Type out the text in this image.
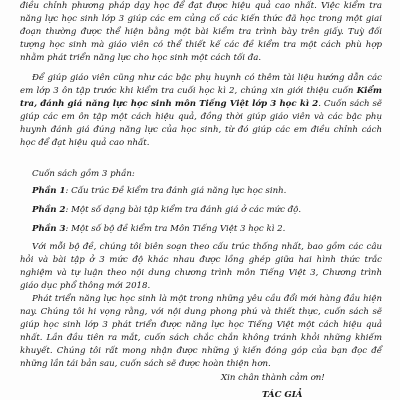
điều chỉnh phương pháp dạy học để đạt được hiệu quả cao nhất. Việc kiểm tra năng lực học sinh lớp 3 giúp các em củng cố các kiến thức đã học trong một giai đoạn thường được thể hiện bằng một bài kiểm tra trình bày trên giấy. Tuỳ đối tượng học sinh mà giáo viên có thể thiết kế các đề kiểm tra một cách phù hợp nhằm phát triển năng lực cho học sinh một cách tối đa.

Để giúp giáo viên cũng như các bậc phụ huynh có thêm tài liệu hướng dẫn các em lớp 3 ôn tập trước khi kiểm tra cuối học kì 2, chúng xin giới thiệu cuốn Kiểm tra, đánh giá năng lực học sinh môn Tiếng Việt lớp 3 học kì 2. Cuốn sách sẽ giúp các em ôn tập một cách hiệu quả, đồng thời giúp giáo viên và các bậc phụ huynh đánh giá đúng năng lực của học sinh, từ đó giúp các em điều chỉnh cách học để đạt hiệu quả cao nhất.

Cuốn sách gồm 3 phần:

Phần 1: Cấu trúc Đề kiểm tra đánh giá năng lực học sinh.

Phần 2: Một số dạng bài tập kiểm tra đánh giá ở các mức độ.

Phần 3: Một số bộ đề kiểm tra Môn Tiếng Việt 3 học kì 2.

Với mỗi bộ đề, chúng tôi biên soạn theo cấu trúc thống nhất, bao gồm các câu hỏi và bài tập ở 3 mức độ khác nhau được lồng ghép giữa hai hình thức trắc nghiệm và tự luận theo nội dung chương trình môn Tiếng Việt 3, Chương trình giáo dục phổ thông mới 2018.

Phát triển năng lực học sinh là một trong những yêu cầu đổi mới hàng đầu hiện nay. Chúng tôi hi vọng rằng, với nội dung phong phú và thiết thực, cuốn sách sẽ giúp học sinh lớp 3 phát triển được năng lực học Tiếng Việt một cách hiệu quả nhất. Lần đầu tiên ra mắt, cuốn sách chắc chắn không tránh khỏi những khiếm khuyết. Chúng tôi rất mong nhận được những ý kiến đóng góp của bạn đọc để những lần tái bản sau, cuốn sách sẽ được hoàn thiện hơn.

Xin chân thành cảm ơn!

TÁC GIẢ
